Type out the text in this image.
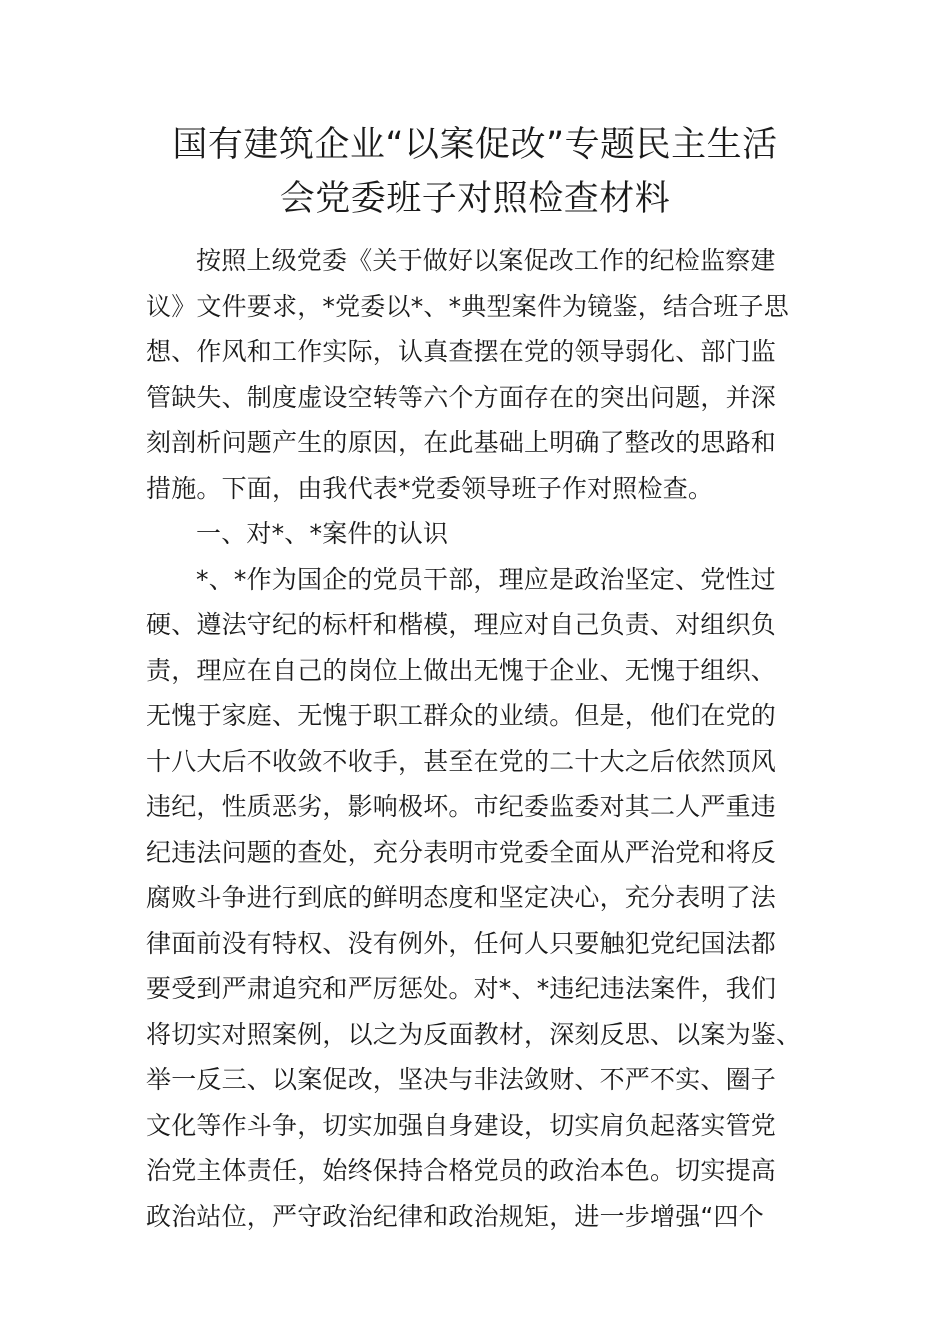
国有建筑企业“以案促改”专题民主生活
会党委班子对照检查材料
按照上级党委《关于做好以案促改工作的纪检监察建
议》文件要求，*党委以*、*典型案件为镜鉴，结合班子思
想、作风和工作实际，认真查摆在党的领导弱化、部门监
管缺失、制度虚设空转等六个方面存在的突出问题，并深
刻剖析问题产生的原因，在此基础上明确了整改的思路和
措施。下面，由我代表*党委领导班子作对照检查。
一、对*、*案件的认识
*、*作为国企的党员干部，理应是政治坚定、党性过
硬、遵法守纪的标杆和楷模，理应对自己负责、对组织负
责，理应在自己的岗位上做出无愧于企业、无愧于组织、
无愧于家庭、无愧于职工群众的业绩。但是，他们在党的
十八大后不收敛不收手，甚至在党的二十大之后依然顶风
违纪，性质恶劣，影响极坏。市纪委监委对其二人严重违
纪违法问题的查处，充分表明市党委全面从严治党和将反
腐败斗争进行到底的鲜明态度和坚定决心，充分表明了法
律面前没有特权、没有例外，任何人只要触犯党纪国法都
要受到严肃追究和严厉惩处。对*、*违纪违法案件，我们
将切实对照案例，以之为反面教材，深刻反思、以案为鉴、
举一反三、以案促改，坚决与非法敛财、不严不实、圈子
文化等作斗争，切实加强自身建设，切实肩负起落实管党
治党主体责任，始终保持合格党员的政治本色。切实提高
政治站位，严守政治纪律和政治规矩，进一步增强“四个
